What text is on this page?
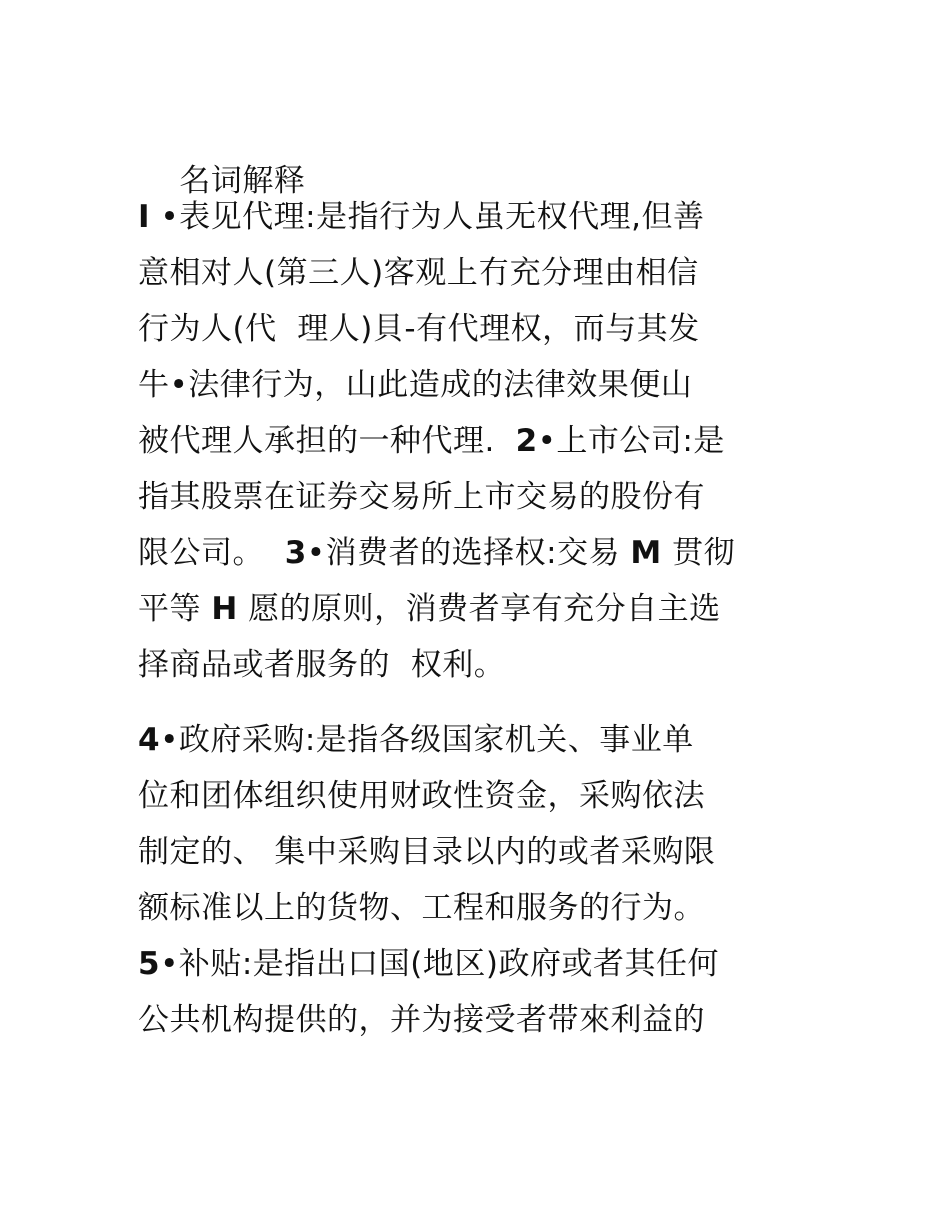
名词解释

I •表见代理:是指行为人虽无权代理,但善
意相对人(第三人)客观上冇充分理由相信
行为人(代  理人)貝-有代理权，而与其发
牛•法律行为，山此造成的法律效果便山
被代理人承担的一种代理.  2•上市公司:是
指其股票在证券交易所上市交易的股份有
限公司。  3•消费者的选择权:交易 M 贯彻
平等 H 愿的原则，消费者享有充分自主选
择商品或者服务的  权利。
4•政府采购:是指各级国家机关、事业单
位和团体组织使用财政性资金，采购依法
制定的、 集中采购目录以内的或者采购限
额标准以上的货物、工程和服务的行为。
5•补贴:是指出口国(地区)政府或者其任何
公共机构提供的，并为接受者带來利益的
